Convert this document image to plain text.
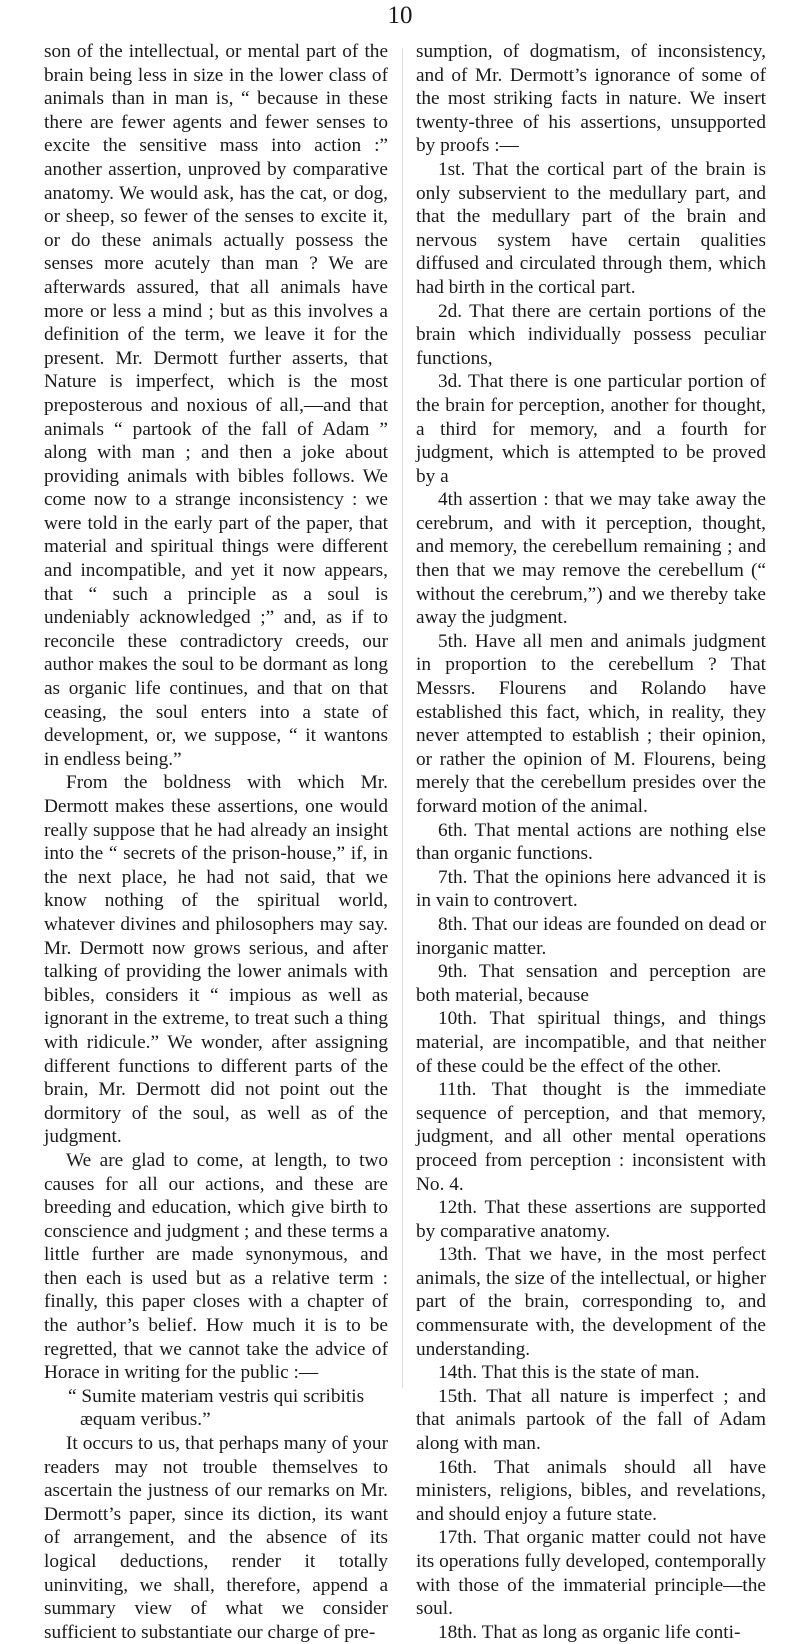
10

son of the intellectual, or mental part of the brain being less in size in the lower class of animals than in man is, “ because in these there are fewer agents and fewer senses to excite the sensitive mass into action :” another assertion, unproved by comparative anatomy. We would ask, has the cat, or dog, or sheep, so fewer of the senses to excite it, or do these animals actually possess the senses more acutely than man ? We are afterwards assured, that all animals have more or less a mind ; but as this involves a definition of the term, we leave it for the present. Mr. Dermott further asserts, that Nature is imperfect, which is the most preposterous and noxious of all,—and that animals “ partook of the fall of Adam ” along with man ; and then a joke about providing animals with bibles follows. We come now to a strange inconsistency : we were told in the early part of the paper, that material and spiritual things were different and incompatible, and yet it now appears, that “ such a principle as a soul is undeniably acknowledged ;” and, as if to reconcile these contradictory creeds, our author makes the soul to be dormant as long as organic life continues, and that on that ceasing, the soul enters into a state of development, or, we suppose, “ it wantons in endless being.”

From the boldness with which Mr. Dermott makes these assertions, one would really suppose that he had already an insight into the “ secrets of the prison-house,” if, in the next place, he had not said, that we know nothing of the spiritual world, whatever divines and philosophers may say. Mr. Dermott now grows serious, and after talking of providing the lower animals with bibles, considers it “ impious as well as ignorant in the extreme, to treat such a thing with ridicule.” We wonder, after assigning different functions to different parts of the brain, Mr. Dermott did not point out the dormitory of the soul, as well as of the judgment.

We are glad to come, at length, to two causes for all our actions, and these are breeding and education, which give birth to conscience and judgment ; and these terms a little further are made synonymous, and then each is used but as a relative term : finally, this paper closes with a chapter of the author’s belief. How much it is to be regretted, that we cannot take the advice of Horace in writing for the public :—

“ Sumite materiam vestris qui scribitis

æquam veribus.”

It occurs to us, that perhaps many of your readers may not trouble themselves to ascertain the justness of our remarks on Mr. Dermott’s paper, since its diction, its want of arrangement, and the absence of its logical deductions, render it totally uninviting, we shall, therefore, append a summary view of what we consider sufficient to substantiate our charge of pre-

sumption, of dogmatism, of inconsistency, and of Mr. Dermott’s ignorance of some of the most striking facts in nature. We insert twenty-three of his assertions, unsupported by proofs :—

1st. That the cortical part of the brain is only subservient to the medullary part, and that the medullary part of the brain and nervous system have certain qualities diffused and circulated through them, which had birth in the cortical part.

2d. That there are certain portions of the brain which individually possess peculiar functions,

3d. That there is one particular portion of the brain for perception, another for thought, a third for memory, and a fourth for judgment, which is attempted to be proved by a

4th assertion : that we may take away the cerebrum, and with it perception, thought, and memory, the cerebellum remaining ; and then that we may remove the cerebellum (“ without the cerebrum,”) and we thereby take away the judgment.

5th. Have all men and animals judgment in proportion to the cerebellum ? That Messrs. Flourens and Rolando have established this fact, which, in reality, they never attempted to establish ; their opinion, or rather the opinion of M. Flourens, being merely that the cerebellum presides over the forward motion of the animal.

6th. That mental actions are nothing else than organic functions.

7th. That the opinions here advanced it is in vain to controvert.

8th. That our ideas are founded on dead or inorganic matter.

9th. That sensation and perception are both material, because

10th. That spiritual things, and things material, are incompatible, and that neither of these could be the effect of the other.

11th. That thought is the immediate sequence of perception, and that memory, judgment, and all other mental operations proceed from perception : inconsistent with No. 4.

12th. That these assertions are supported by comparative anatomy.

13th. That we have, in the most perfect animals, the size of the intellectual, or higher part of the brain, corresponding to, and commensurate with, the development of the understanding.

14th. That this is the state of man.

15th. That all nature is imperfect ; and that animals partook of the fall of Adam along with man.

16th. That animals should all have ministers, religions, bibles, and revelations, and should enjoy a future state.

17th. That organic matter could not have its operations fully developed, contemporally with those of the immaterial principle—the soul.

18th. That as long as organic life conti-
